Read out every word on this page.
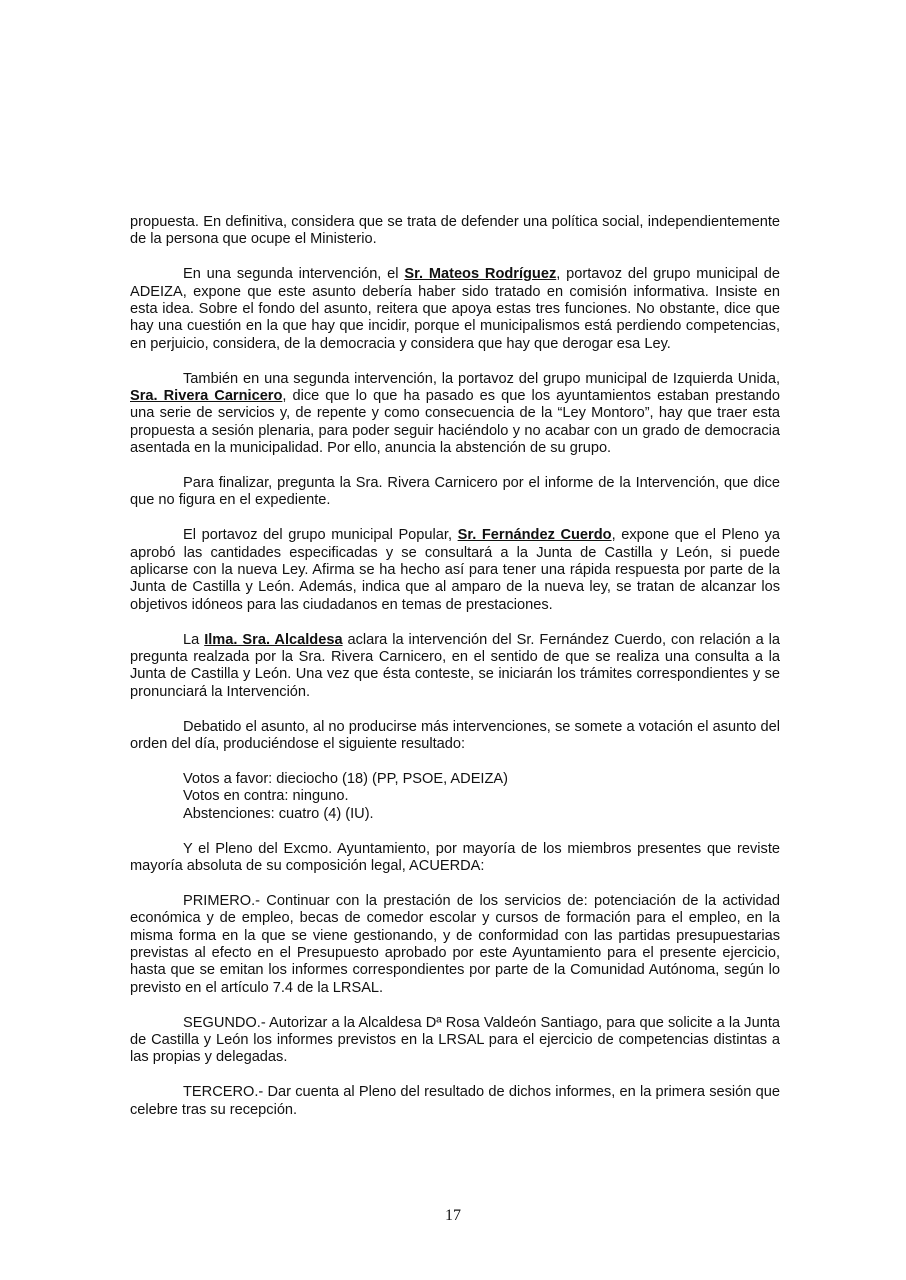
propuesta. En definitiva, considera que se trata de defender una política social, independientemente de la persona que ocupe el Ministerio.

En una segunda intervención, el Sr. Mateos Rodríguez, portavoz del grupo municipal de ADEIZA, expone que este asunto debería haber sido tratado en comisión informativa. Insiste en esta idea. Sobre el fondo del asunto, reitera que apoya estas tres funciones. No obstante, dice que hay una cuestión en la que hay que incidir, porque el municipalismos está perdiendo competencias, en perjuicio, considera, de la democracia y considera que hay que derogar esa Ley.

También en una segunda intervención, la portavoz del grupo municipal de Izquierda Unida, Sra. Rivera Carnicero, dice que lo que ha pasado es que los ayuntamientos estaban prestando una serie de servicios y, de repente y como consecuencia de la “Ley Montoro”, hay que traer esta propuesta a sesión plenaria, para poder seguir haciéndolo y no acabar con un grado de democracia asentada en la municipalidad. Por ello, anuncia la abstención de su grupo.

Para finalizar, pregunta la Sra. Rivera Carnicero por el informe de la Intervención, que dice que no figura en el expediente.

El portavoz del grupo municipal Popular, Sr. Fernández Cuerdo, expone que el Pleno ya aprobó las cantidades especificadas y se consultará a la Junta de Castilla y León, si puede aplicarse con la nueva Ley. Afirma se ha hecho así para tener una rápida respuesta por parte de la Junta de Castilla y León. Además, indica que al amparo de la nueva ley, se tratan de alcanzar los objetivos idóneos para las ciudadanos en temas de prestaciones.

La Ilma. Sra. Alcaldesa aclara la intervención del Sr. Fernández Cuerdo, con relación a la pregunta realzada por la Sra. Rivera Carnicero, en el sentido de que se realiza una consulta a la Junta de Castilla y León. Una vez que ésta conteste, se iniciarán los trámites correspondientes y se pronunciará la Intervención.

Debatido el asunto, al no producirse más intervenciones, se somete a votación el asunto del orden del día, produciéndose el siguiente resultado:

Votos a favor: dieciocho (18) (PP, PSOE, ADEIZA)
Votos en contra: ninguno.
Abstenciones: cuatro (4) (IU).

Y el Pleno del Excmo. Ayuntamiento, por mayoría de los miembros presentes que reviste mayoría absoluta de su composición legal, ACUERDA:

PRIMERO.- Continuar con la prestación de los servicios de: potenciación de la actividad económica y de empleo, becas de comedor escolar y cursos de formación para el empleo, en la misma forma en la que se viene gestionando, y de conformidad con las partidas presupuestarias previstas al efecto en el Presupuesto aprobado por este Ayuntamiento para el presente ejercicio, hasta que se emitan los informes correspondientes por parte de la Comunidad Autónoma, según lo previsto en el artículo 7.4 de la LRSAL.

SEGUNDO.- Autorizar a la Alcaldesa Dª Rosa Valdeón Santiago, para que solicite a la Junta de Castilla y León los informes previstos en la LRSAL para el ejercicio de competencias distintas a las propias y delegadas.

TERCERO.- Dar cuenta al Pleno del resultado de dichos informes, en la primera sesión que celebre tras su recepción.

17
